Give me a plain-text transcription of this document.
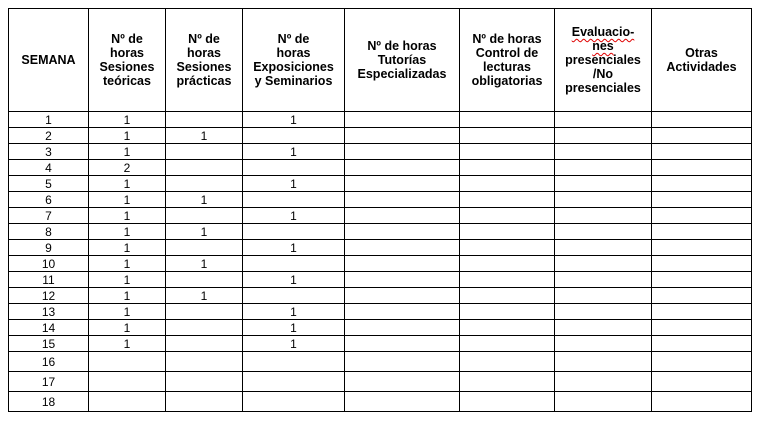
SEMANA	Nº de
horas
Sesiones
teóricas	Nº de
horas
Sesiones
prácticas	Nº de
horas
Exposiciones
y Seminarios	Nº de horas
Tutorías
Especializadas	Nº de horas
Control de
lecturas
obligatorias	Evaluacio-
nes
presenciales
/No
presenciales	Otras
Actividades

1	1		1				
2	1	1					
3	1		1				
4	2						
5	1		1				
6	1	1					
7	1		1				
8	1	1					
9	1		1				
10	1	1					
11	1		1				
12	1	1					
13	1		1				
14	1		1				
15	1		1				
16							
17							
18							
